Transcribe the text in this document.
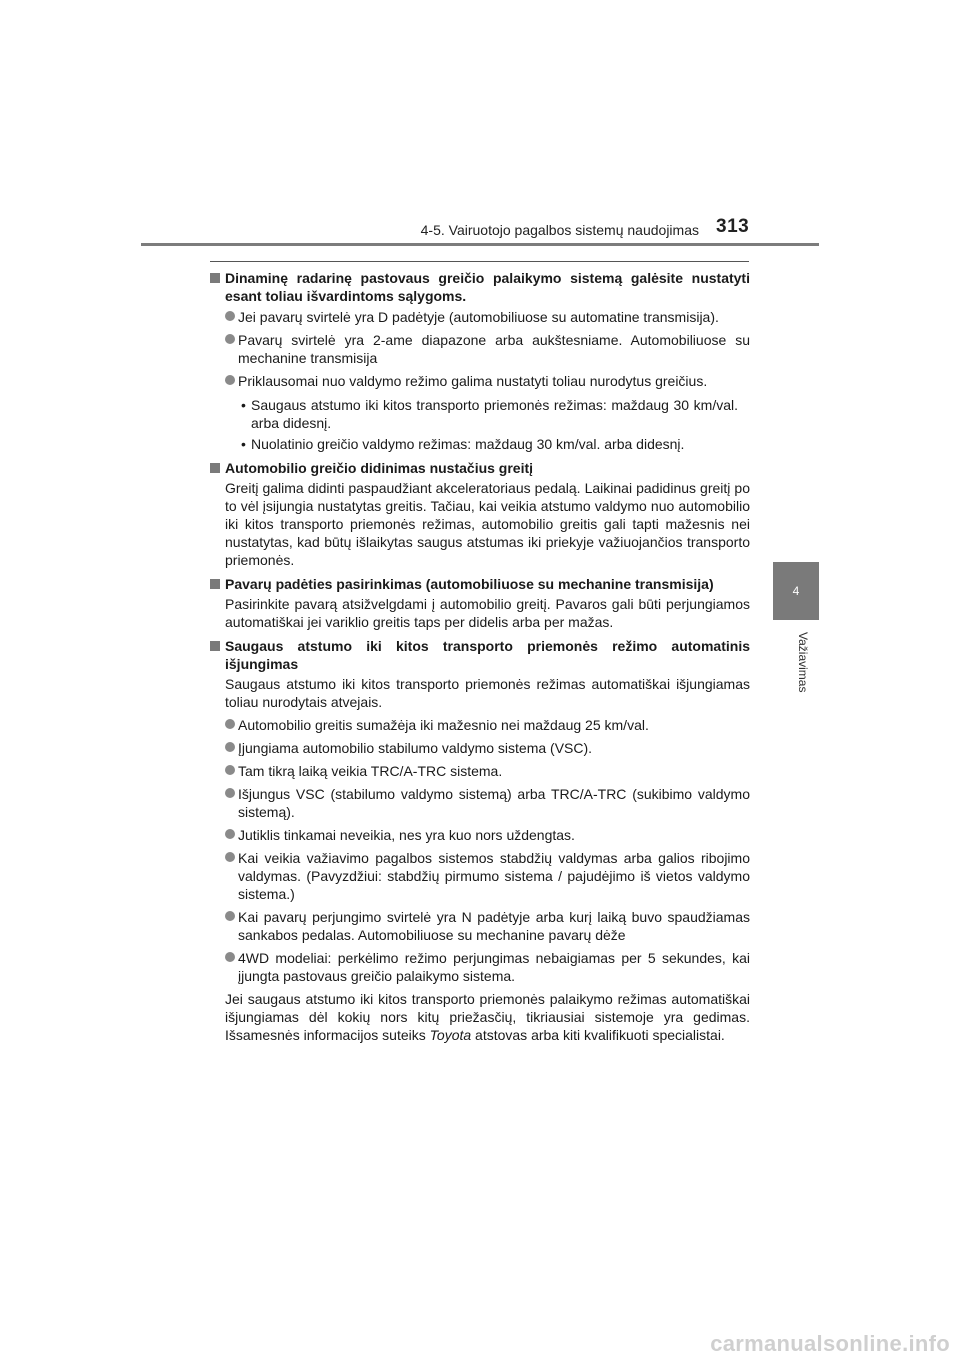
4-5. Vairuotojo pagalbos sistemų naudojimas 313
4
Važiavimas
Dinaminę radarinę pastovaus greičio palaikymo sistemą galėsite nustatyti esant toliau išvardintoms sąlygoms.
Jei pavarų svirtelė yra D padėtyje (automobiliuose su automatine transmisija).
Pavarų svirtelė yra 2-ame diapazone arba aukštesniame. Automobiliuose su mechanine transmisija
Priklausomai nuo valdymo režimo galima nustatyti toliau nurodytus greičius.
• Saugaus atstumo iki kitos transporto priemonės režimas: maždaug 30 km/val. arba didesnį.
• Nuolatinio greičio valdymo režimas: maždaug 30 km/val. arba didesnį.
Automobilio greičio didinimas nustačius greitį
Greitį galima didinti paspaudžiant akceleratoriaus pedalą. Laikinai padidinus greitį po to vėl įsijungia nustatytas greitis. Tačiau, kai veikia atstumo valdymo nuo automobilio iki kitos transporto priemonės režimas, automobilio greitis gali tapti mažesnis nei nustatytas, kad būtų išlaikytas saugus atstumas iki priekyje važiuojančios transporto priemonės.
Pavarų padėties pasirinkimas (automobiliuose su mechanine transmisija)
Pasirinkite pavarą atsižvelgdami į automobilio greitį. Pavaros gali būti perjungiamos automatiškai jei variklio greitis taps per didelis arba per mažas.
Saugaus atstumo iki kitos transporto priemonės režimo automatinis išjungimas
Saugaus atstumo iki kitos transporto priemonės režimas automatiškai išjungiamas toliau nurodytais atvejais.
Automobilio greitis sumažėja iki mažesnio nei maždaug 25 km/val.
Įjungiama automobilio stabilumo valdymo sistema (VSC).
Tam tikrą laiką veikia TRC/A-TRC sistema.
Išjungus VSC (stabilumo valdymo sistemą) arba TRC/A-TRC (sukibimo valdymo sistemą).
Jutiklis tinkamai neveikia, nes yra kuo nors uždengtas.
Kai veikia važiavimo pagalbos sistemos stabdžių valdymas arba galios ribojimo valdymas. (Pavyzdžiui: stabdžių pirmumo sistema / pajudėjimo iš vietos valdymo sistema.)
Kai pavarų perjungimo svirtelė yra N padėtyje arba kurį laiką buvo spaudžiamas sankabos pedalas. Automobiliuose su mechanine pavarų dėže
4WD modeliai: perkėlimo režimo perjungimas nebaigiamas per 5 sekundes, kai įjungta pastovaus greičio palaikymo sistema.
Jei saugaus atstumo iki kitos transporto priemonės palaikymo režimas automatiškai išjungiamas dėl kokių nors kitų priežasčių, tikriausiai sistemoje yra gedimas. Išsamesnės informacijos suteiks Toyota atstovas arba kiti kvalifikuoti specialistai.
carmanualsonline.info
